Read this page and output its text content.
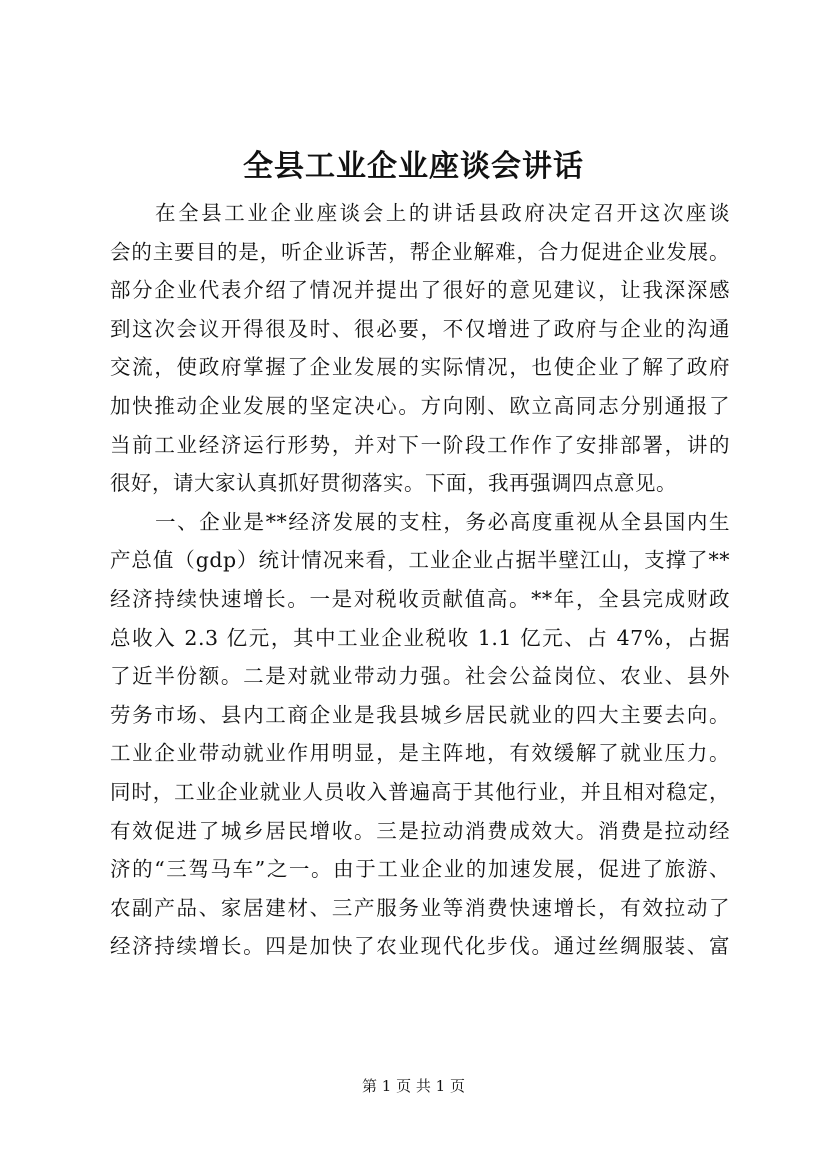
全县工业企业座谈会讲话
在全县工业企业座谈会上的讲话县政府决定召开这次座谈
会的主要目的是，听企业诉苦，帮企业解难，合力促进企业发展。
部分企业代表介绍了情况并提出了很好的意见建议，让我深深感
到这次会议开得很及时、很必要，不仅增进了政府与企业的沟通
交流，使政府掌握了企业发展的实际情况，也使企业了解了政府
加快推动企业发展的坚定决心。方向刚、欧立高同志分别通报了
当前工业经济运行形势，并对下一阶段工作作了安排部署，讲的
很好，请大家认真抓好贯彻落实。下面，我再强调四点意见。
一、企业是**经济发展的支柱，务必高度重视从全县国内生
产总值（gdp）统计情况来看，工业企业占据半壁江山，支撑了**
经济持续快速增长。一是对税收贡献值高。**年，全县完成财政
总收入 2.3 亿元，其中工业企业税收 1.1 亿元、占 47%，占据
了近半份额。二是对就业带动力强。社会公益岗位、农业、县外
劳务市场、县内工商企业是我县城乡居民就业的四大主要去向。
工业企业带动就业作用明显，是主阵地，有效缓解了就业压力。
同时，工业企业就业人员收入普遍高于其他行业，并且相对稳定，
有效促进了城乡居民增收。三是拉动消费成效大。消费是拉动经
济的“三驾马车”之一。由于工业企业的加速发展，促进了旅游、
农副产品、家居建材、三产服务业等消费快速增长，有效拉动了
经济持续增长。四是加快了农业现代化步伐。通过丝绸服装、富
第 1 页 共 1 页
